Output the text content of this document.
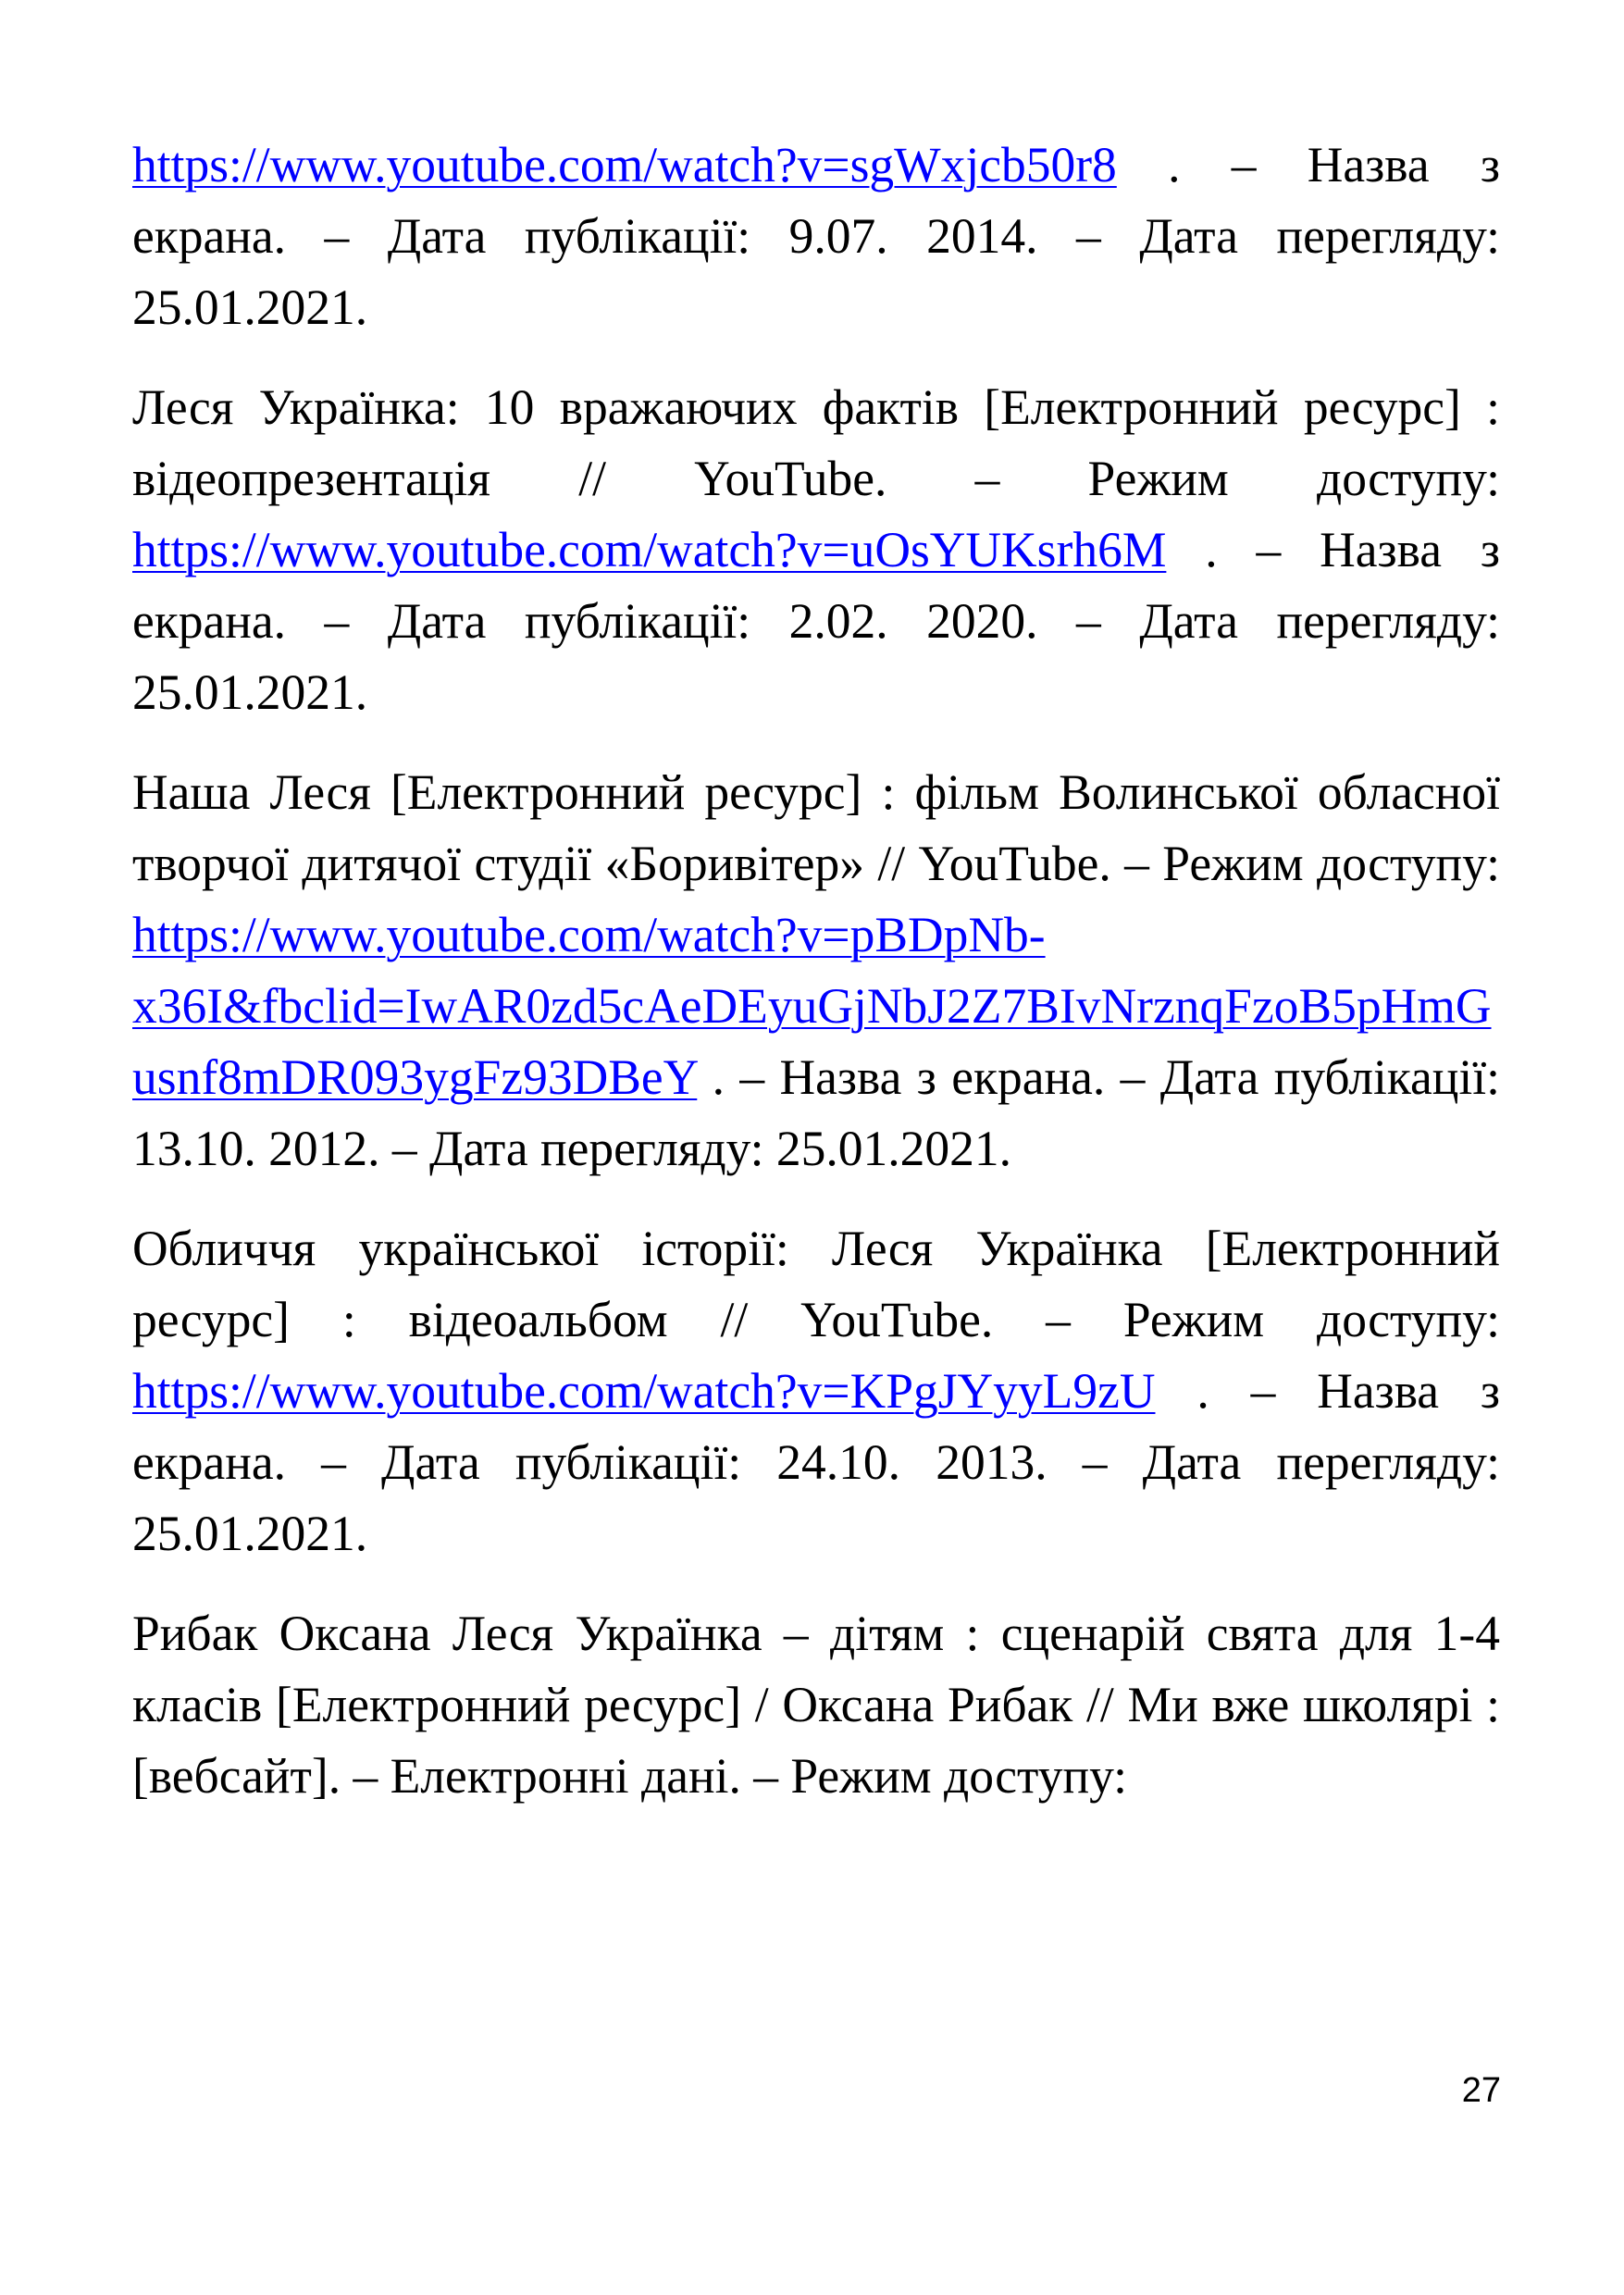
https://www.youtube.com/watch?v=sgWxjcb50r8 . – Назва з екрана. – Дата публікації: 9.07. 2014. – Дата перегляду: 25.01.2021.

Леся Українка: 10 вражаючих фактів [Електронний ресурс] : відеопрезентація // YouTube. – Режим доступу: https://www.youtube.com/watch?v=uOsYUKsrh6M . – Назва з екрана. – Дата публікації: 2.02. 2020. – Дата перегляду: 25.01.2021.

Наша Леся [Електронний ресурс] : фільм Волинської обласної творчої дитячої студії «Боривітер» // YouTube. – Режим доступу: https://www.youtube.com/watch?v=pBDpNb-x36I&fbclid=IwAR0zd5cAeDEyuGjNbJ2Z7BIvNrznqFzoB5pHmGusnf8mDR093ygFz93DBeY . – Назва з екрана. – Дата публікації: 13.10. 2012. – Дата перегляду: 25.01.2021.

Обличчя української історії: Леся Українка [Електронний ресурс] : відеоальбом // YouTube. – Режим доступу: https://www.youtube.com/watch?v=KPgJYyyL9zU . – Назва з екрана. – Дата публікації: 24.10. 2013. – Дата перегляду: 25.01.2021.

Рибак Оксана Леся Українка – дітям : сценарій свята для 1-4 класів [Електронний ресурс] / Оксана Рибак // Ми вже школярі : [вебсайт]. – Електронні дані. – Режим доступу:

27
